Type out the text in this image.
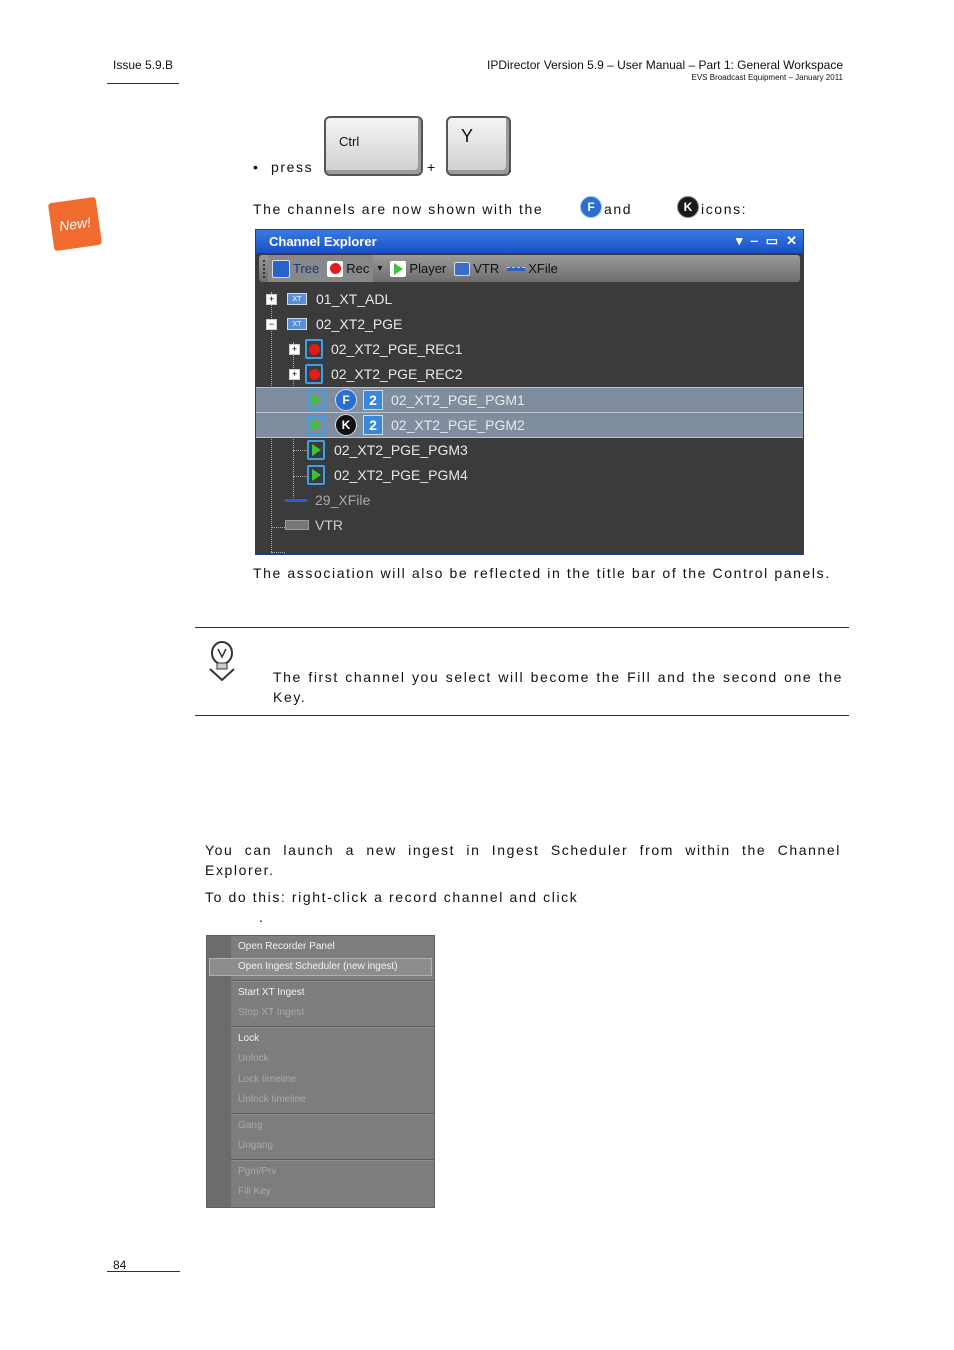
Issue 5.9.B	IPDirector Version 5.9 – User Manual – Part 1: General Workspace
EVS Broadcast Equipment – January 2011
New!
• press
Ctrl
+
Y
.
The channels are now shown with the	F and	K icons:
Channel Explorer	▾ ‒ ▭ ✕
Tree Rec ▾ Player VTR XFile
+	XT	01_XT_ADL
−	XT	02_XT2_PGE
+ 02_XT2_PGE_REC1
+ 02_XT2_PGE_REC2
F	2	02_XT2_PGE_PGM1
K	2	02_XT2_PGE_PGM2
02_XT2_PGE_PGM3
02_XT2_PGE_PGM4
29_XFile
VTR
The association will also be reflected in the title bar of the Control panels.
The first channel you select will become the Fill and the second one the Key.
You can launch a new ingest in Ingest Scheduler from within the Channel Explorer.
To do this: right-click a record channel and click
.
Open Recorder Panel
Open Ingest Scheduler (new ingest)
Start XT Ingest
Stop XT Ingest
Lock
Unlock
Lock timeline
Unlock timeline
Gang
Ungang
Pgm/Prv
Fill Key
84
